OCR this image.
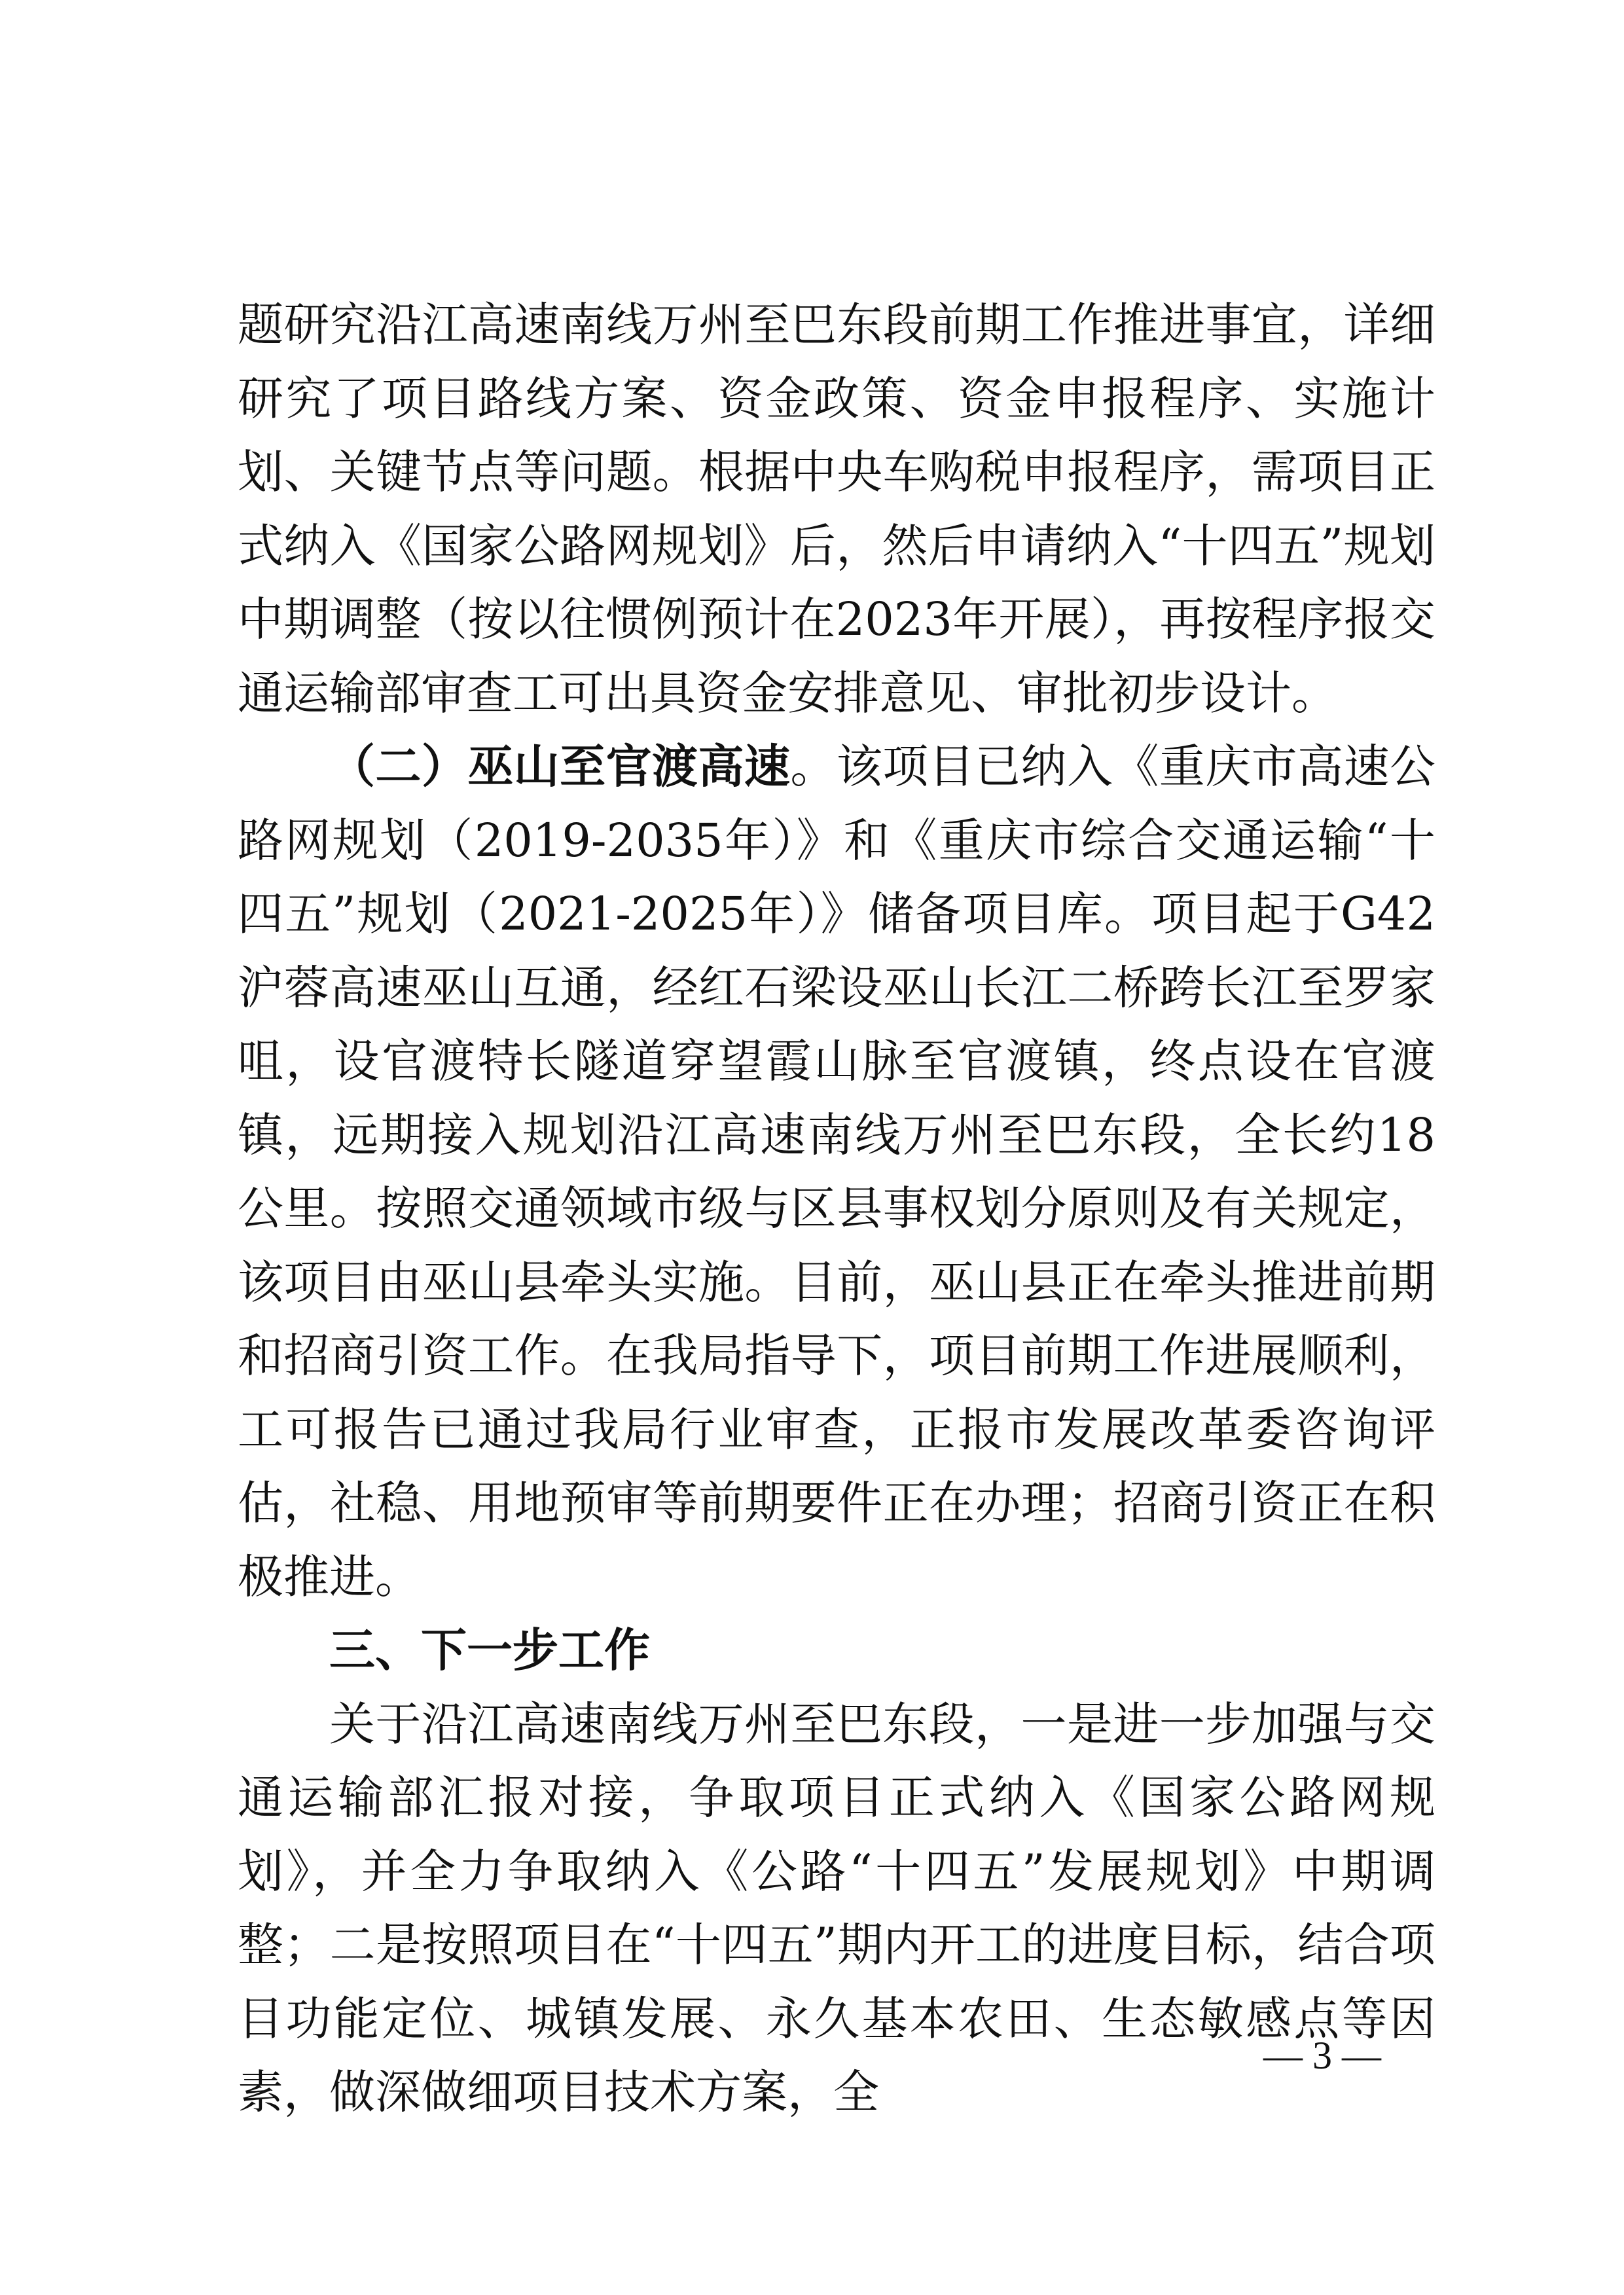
题研究沿江高速南线万州至巴东段前期工作推进事宜，详细研究了项目路线方案、资金政策、资金申报程序、实施计划、关键节点等问题。根据中央车购税申报程序，需项目正式纳入《国家公路网规划》后，然后申请纳入“十四五”规划中期调整（按以往惯例预计在2023年开展），再按程序报交通运输部审查工可出具资金安排意见、审批初步设计。

（二）巫山至官渡高速。该项目已纳入《重庆市高速公路网规划（2019-2035年）》和《重庆市综合交通运输“十四五”规划（2021-2025年）》储备项目库。项目起于G42沪蓉高速巫山互通，经红石梁设巫山长江二桥跨长江至罗家咀，设官渡特长隧道穿望霞山脉至官渡镇，终点设在官渡镇，远期接入规划沿江高速南线万州至巴东段，全长约18公里。按照交通领域市级与区县事权划分原则及有关规定，该项目由巫山县牵头实施。目前，巫山县正在牵头推进前期和招商引资工作。在我局指导下，项目前期工作进展顺利，工可报告已通过我局行业审查，正报市发展改革委咨询评估，社稳、用地预审等前期要件正在办理；招商引资正在积极推进。

三、下一步工作

关于沿江高速南线万州至巴东段，一是进一步加强与交通运输部汇报对接，争取项目正式纳入《国家公路网规划》，并全力争取纳入《公路“十四五”发展规划》中期调整；二是按照项目在“十四五”期内开工的进度目标，结合项目功能定位、城镇发展、永久基本农田、生态敏感点等因素，做深做细项目技术方案，全

— 3 —
